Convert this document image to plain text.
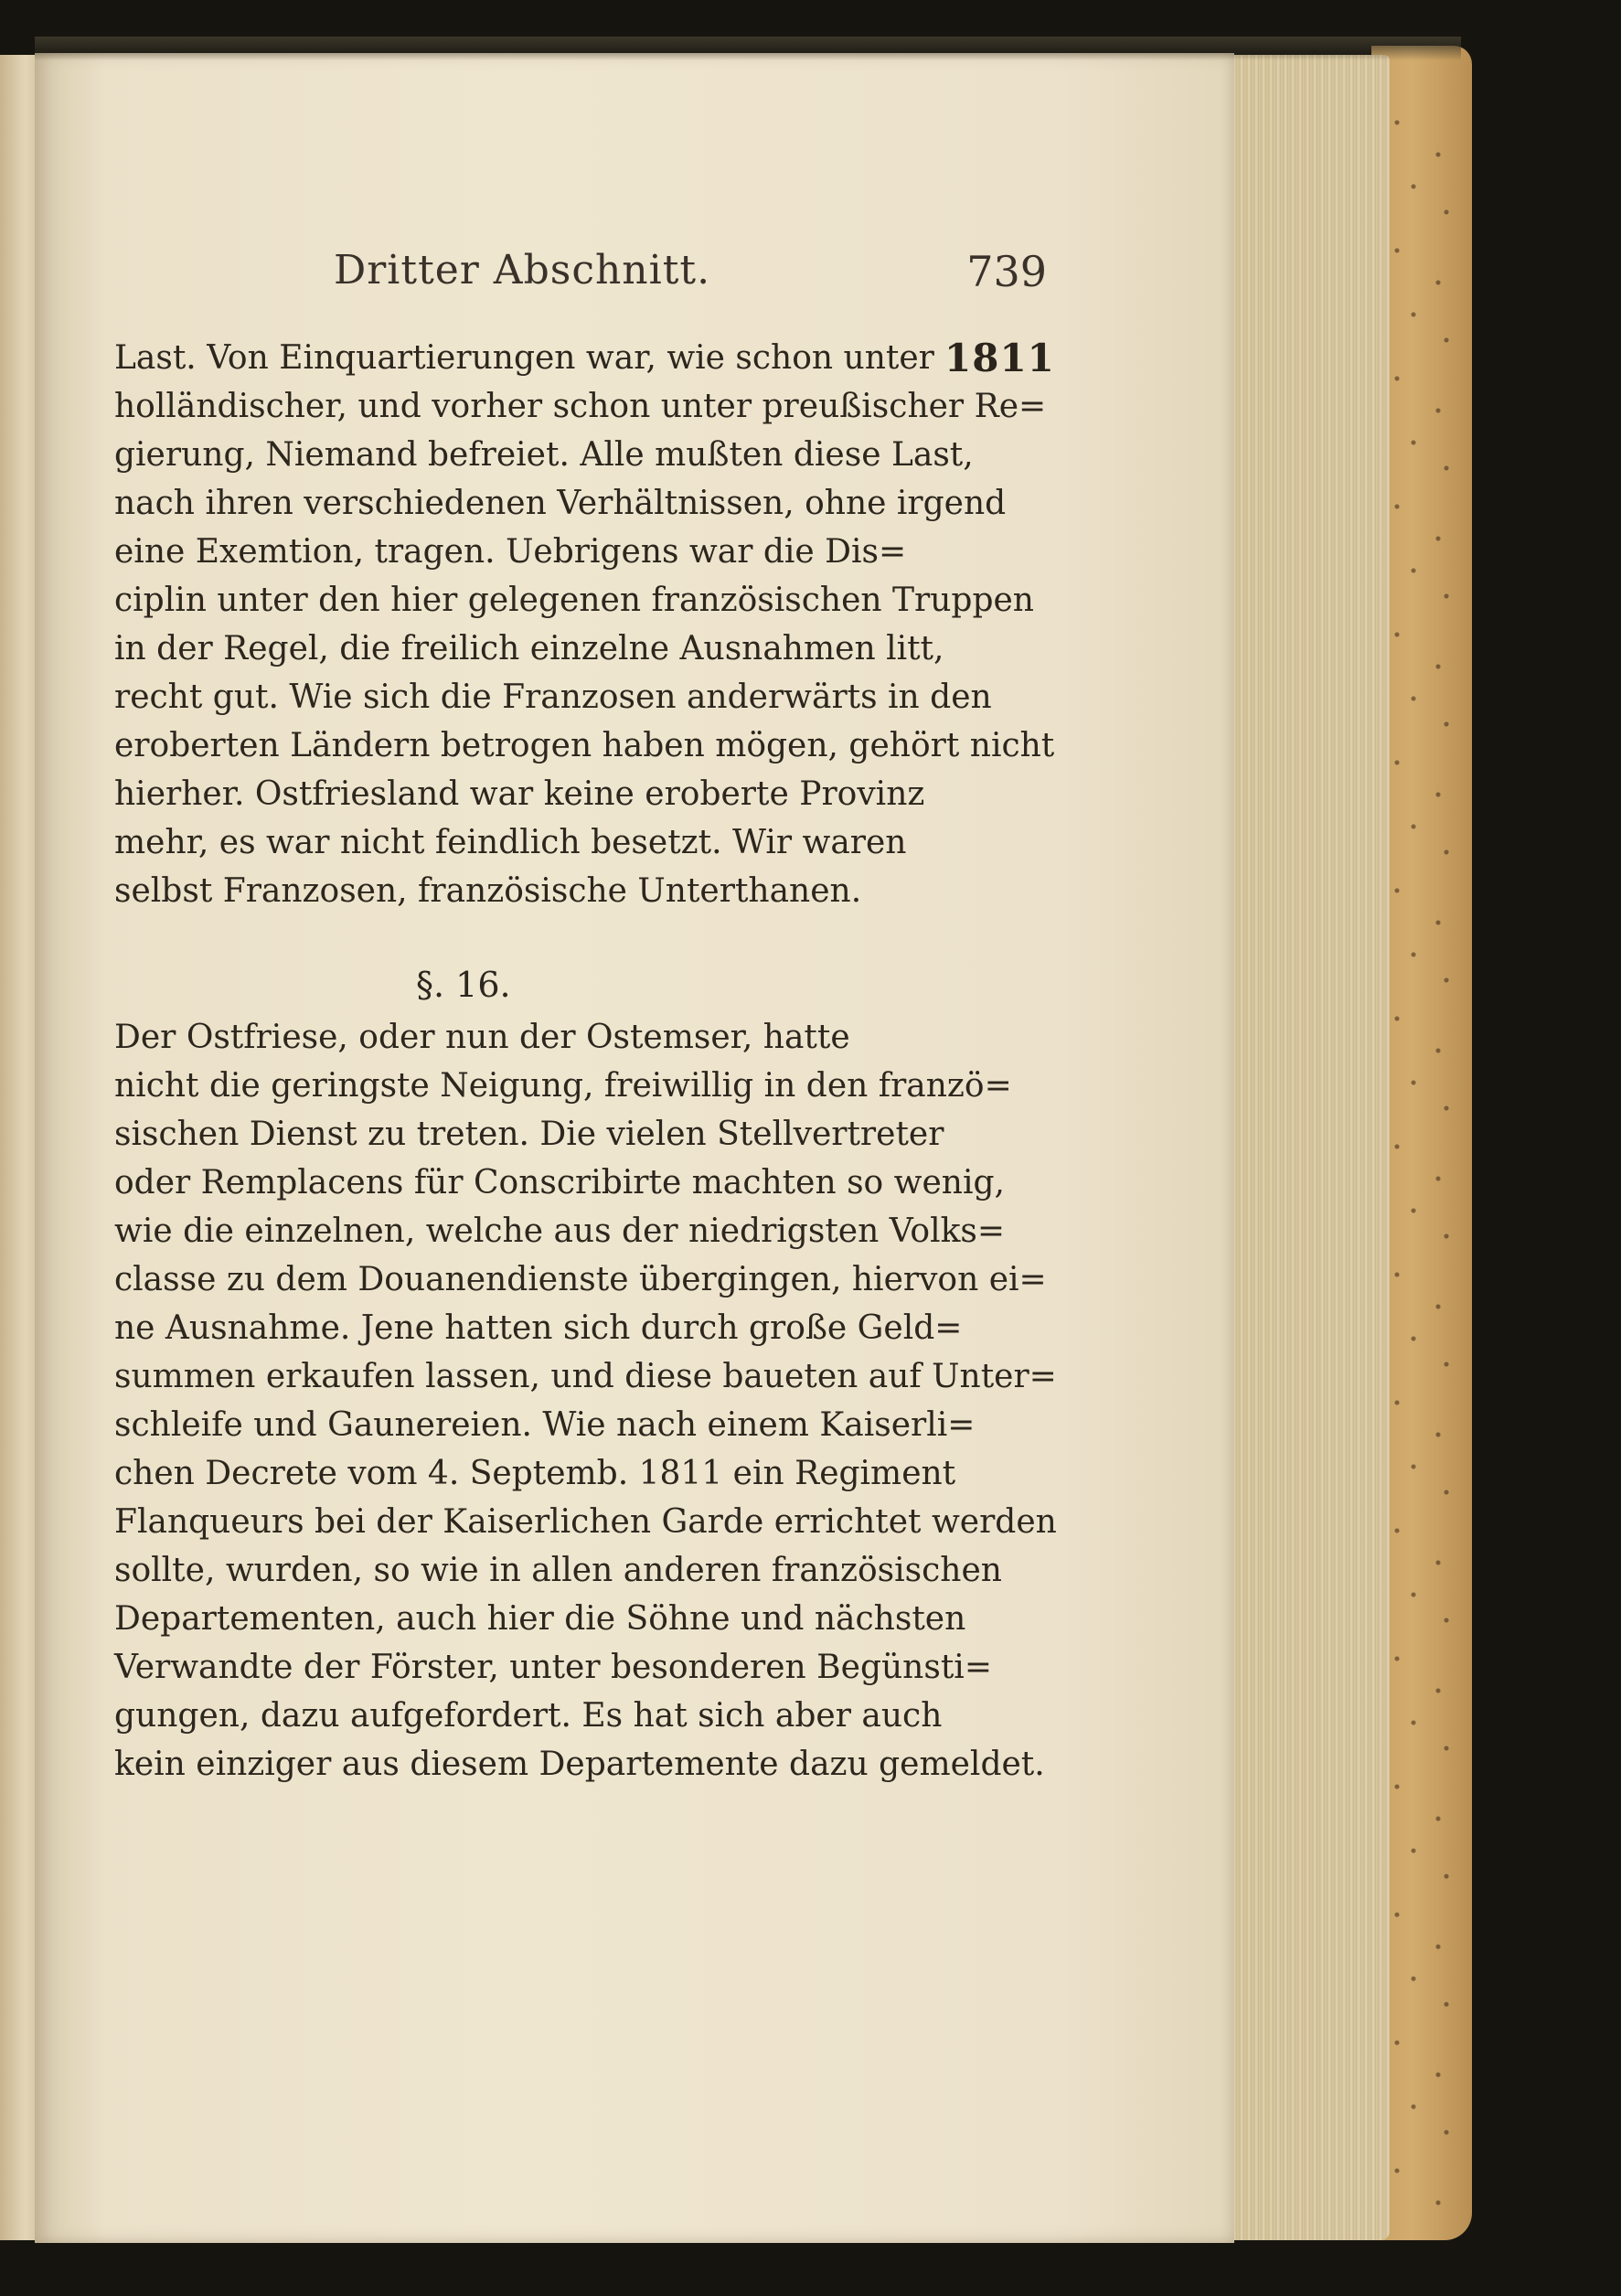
Dritter Abschnitt.	739
1811
Last. Von Einquartierungen war, wie schon unter
holländischer, und vorher schon unter preußischer Re=
gierung, Niemand befreiet. Alle mußten diese Last,
nach ihren verschiedenen Verhältnissen, ohne irgend
eine Exemtion, tragen. Uebrigens war die Dis=
ciplin unter den hier gelegenen französischen Truppen
in der Regel, die freilich einzelne Ausnahmen litt,
recht gut. Wie sich die Franzosen anderwärts in den
eroberten Ländern betrogen haben mögen, gehört nicht
hierher. Ostfriesland war keine eroberte Provinz
mehr, es war nicht feindlich besetzt. Wir waren
selbst Franzosen, französische Unterthanen.
§. 16.
Der Ostfriese, oder nun der Ostemser, hatte
nicht die geringste Neigung, freiwillig in den franzö=
sischen Dienst zu treten. Die vielen Stellvertreter
oder Remplacens für Conscribirte machten so wenig,
wie die einzelnen, welche aus der niedrigsten Volks=
classe zu dem Douanendienste übergingen, hiervon ei=
ne Ausnahme. Jene hatten sich durch große Geld=
summen erkaufen lassen, und diese baueten auf Unter=
schleife und Gaunereien. Wie nach einem Kaiserli=
chen Decrete vom 4. Septemb. 1811 ein Regiment
Flanqueurs bei der Kaiserlichen Garde errichtet werden
sollte, wurden, so wie in allen anderen französischen
Departementen, auch hier die Söhne und nächsten
Verwandte der Förster, unter besonderen Begünsti=
gungen, dazu aufgefordert. Es hat sich aber auch
kein einziger aus diesem Departemente dazu gemeldet.
